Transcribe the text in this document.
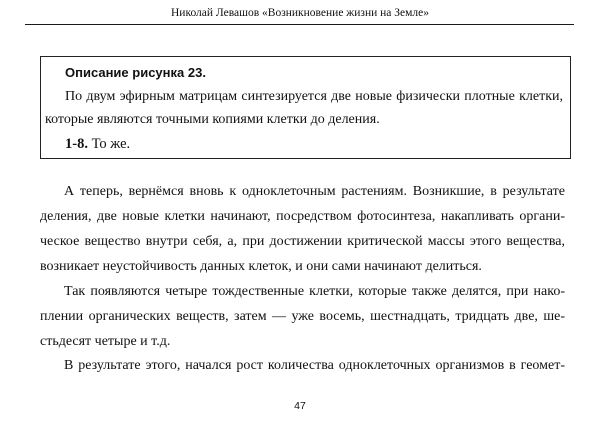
Николай Левашов «Возникновение жизни на Земле»
Описание рисунка 23.
По двум эфирным матрицам синтезируется две новые физически плотные клетки,
которые являются точными копиями клетки до деления.
1-8. То же.
А теперь, вернёмся вновь к одноклеточным растениям. Возникшие, в результате
деления, две новые клетки начинают, посредством фотосинтеза, накапливать органи-
ческое вещество внутри себя, а, при достижении критической массы этого вещества,
возникает неустойчивость данных клеток, и они сами начинают делиться.
Так появляются четыре тождественные клетки, которые также делятся, при нако-
плении органических веществ, затем — уже восемь, шестнадцать, тридцать две, ше-
стьдесят четыре и т.д.
В результате этого, начался рост количества одноклеточных организмов в геомет-
47
